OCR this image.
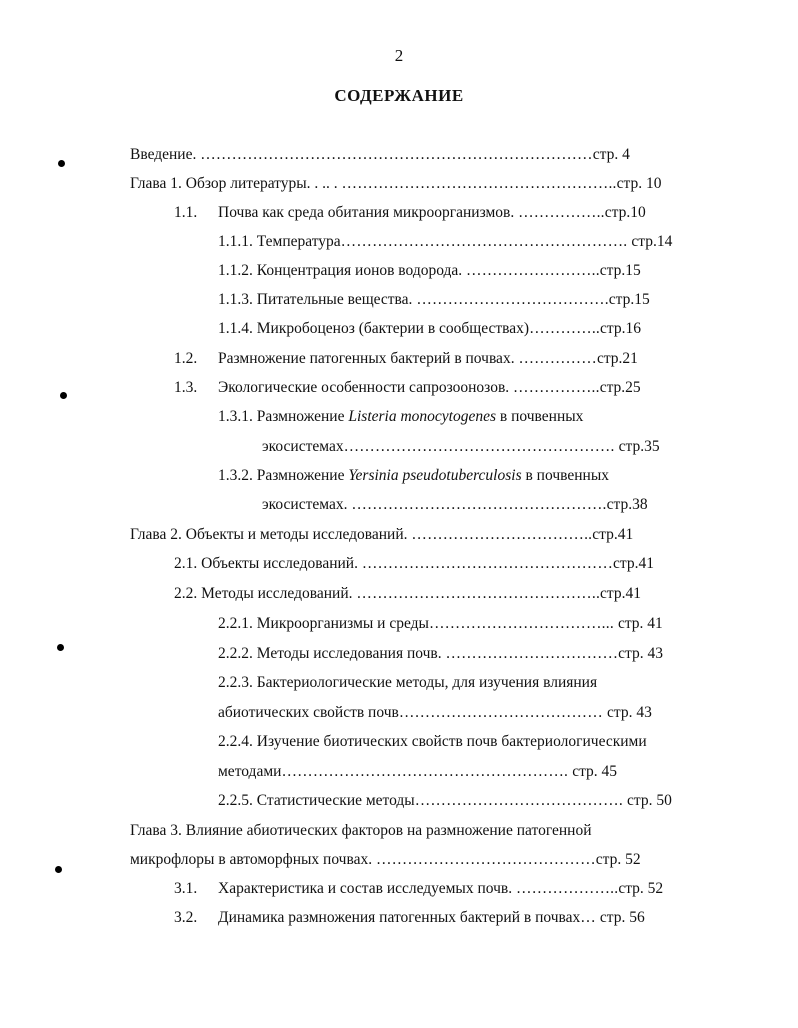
2
СОДЕРЖАНИЕ
Введение. …………………………………………………………………стр. 4
Глава 1. Обзор литературы. . .. . ……………………………………………..стр. 10
1.1. Почва как среда обитания микроорганизмов. ……………..стр.10
1.1.1. Температура………………………………………………. стр.14
1.1.2. Концентрация ионов водорода. ……………………..стр.15
1.1.3. Питательные вещества. ……………………………….стр.15
1.1.4. Микробоценоз (бактерии в сообществах)…………..стр.16
1.2. Размножение патогенных бактерий в почвах. ……………стр.21
1.3. Экологические особенности сапрозоонозов. ……………..стр.25
1.3.1. Размножение Listeria monocytogenes в почвенных
экосистемах……………………………………………. стр.35
1.3.2. Размножение Yersinia pseudotuberculosis в почвенных
экосистемах. ………………………………………….стр.38
Глава 2. Объекты и методы исследований. ……………………………..стр.41
2.1. Объекты исследований. …………………………………………стр.41
2.2. Методы исследований. ………………………………………..стр.41
2.2.1. Микроорганизмы и среды……………………………... стр. 41
2.2.2. Методы исследования почв. ……………………………стр. 43
2.2.3. Бактериологические методы, для изучения влияния
абиотических свойств почв………………………………… стр. 43
2.2.4. Изучение биотических свойств почв бактериологическими
методами………………………………………………. стр. 45
2.2.5. Статистические методы…………………………………. стр. 50
Глава 3. Влияние абиотических факторов на размножение патогенной
микрофлоры в автоморфных почвах. ……………………………………стр. 52
3.1. Характеристика и состав исследуемых почв. ………………..стр. 52
3.2. Динамика размножения патогенных бактерий в почвах… стр. 56
